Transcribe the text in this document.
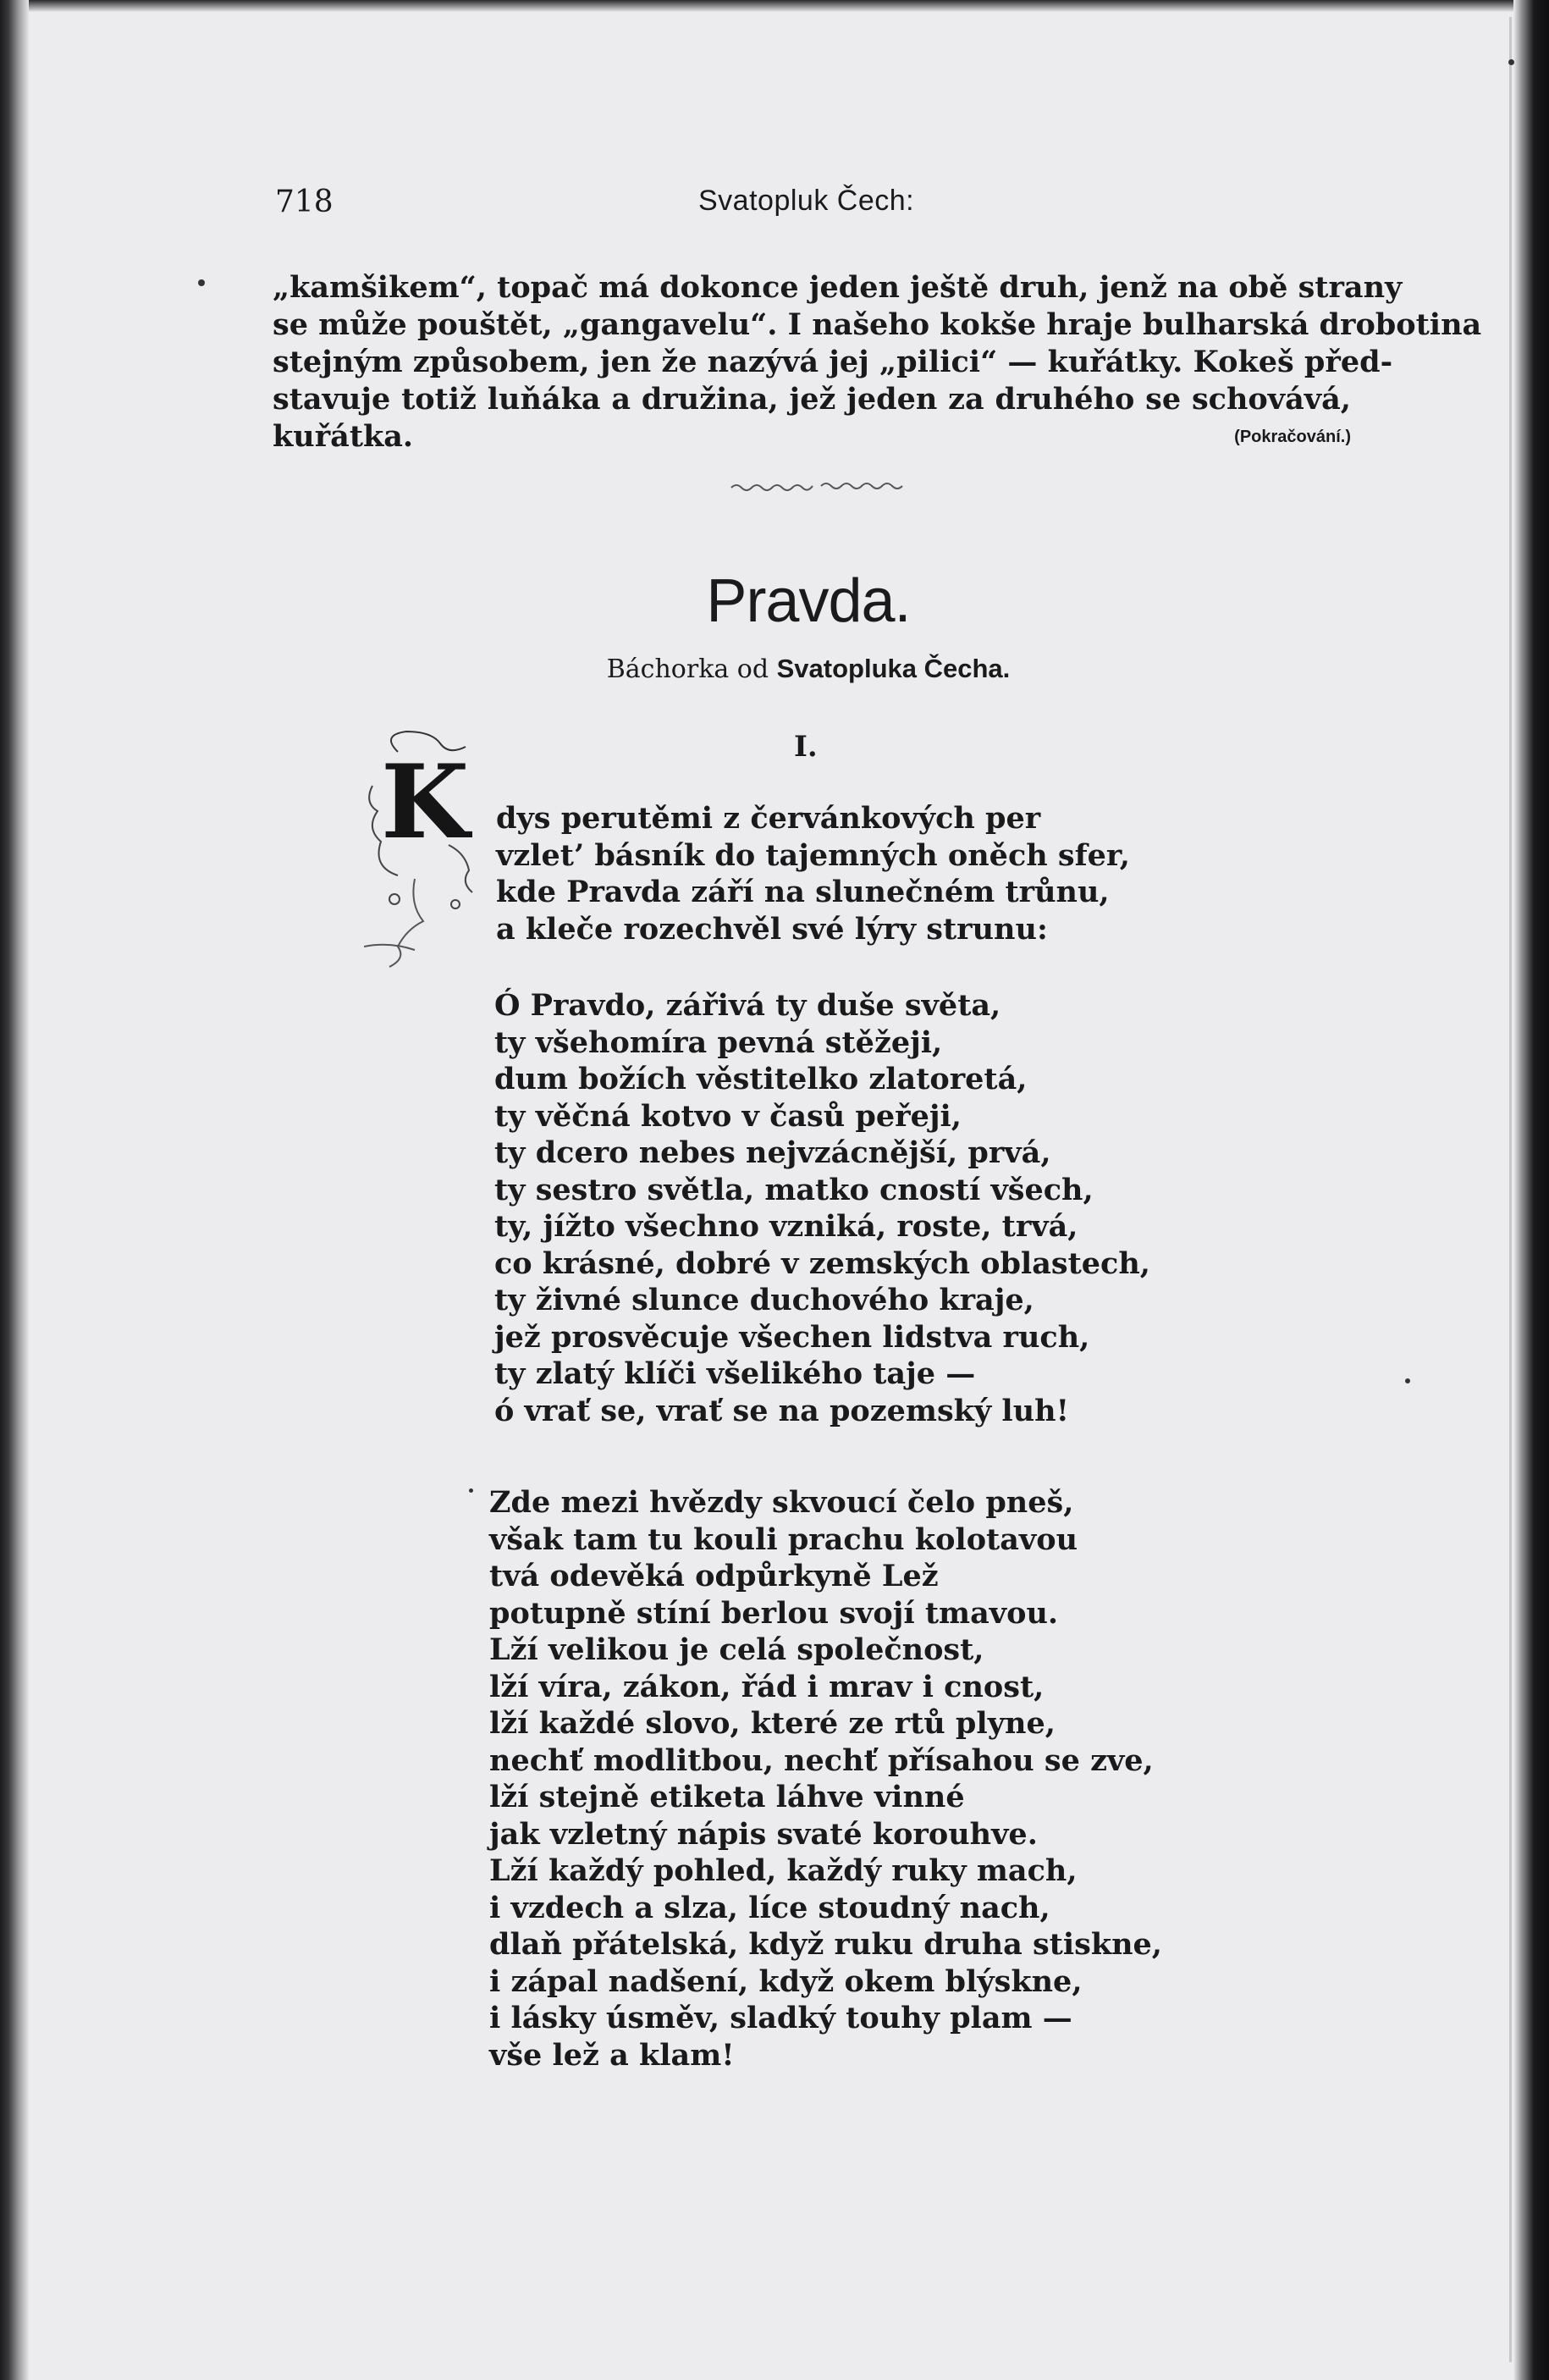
718	Svatopluk Čech:
„kamšikem“, topač má dokonce jeden ještě druh, jenž na obě strany
se může pouštět, „gangavelu“. I našeho kokše hraje bulharská drobotina
stejným způsobem, jen že nazývá jej „pilici“ — kuřátky. Kokeš před-
stavuje totiž luňáka a družina, jež jeden za druhého se schovává,
kuřátka.	(Pokračování.)
Pravda.
Báchorka od Svatopluka Čecha.
I.
K dys perutěmi z červánkových per
vzlet’ básník do tajemných oněch sfer,
kde Pravda září na slunečném trůnu,
a kleče rozechvěl své lýry strunu:
Ó Pravdo, zářivá ty duše světa,
ty všehomíra pevná stěžeji,
dum božích věstitelko zlatoretá,
ty věčná kotvo v časů peřeji,
ty dcero nebes nejvzácnější, prvá,
ty sestro světla, matko cností všech,
ty, jížto všechno vzniká, roste, trvá,
co krásné, dobré v zemských oblastech,
ty živné slunce duchového kraje,
jež prosvěcuje všechen lidstva ruch,
ty zlatý klíči všelikého taje —
ó vrať se, vrať se na pozemský luh!
Zde mezi hvězdy skvoucí čelo pneš,
však tam tu kouli prachu kolotavou
tvá odevěká odpůrkyně Lež
potupně stíní berlou svojí tmavou.
Lží velikou je celá společnost,
lží víra, zákon, řád i mrav i cnost,
lží každé slovo, které ze rtů plyne,
nechť modlitbou, nechť přísahou se zve,
lží stejně etiketa láhve vinné
jak vzletný nápis svaté korouhve.
Lží každý pohled, každý ruky mach,
i vzdech a slza, líce stoudný nach,
dlaň přátelská, když ruku druha stiskne,
i zápal nadšení, když okem blýskne,
i lásky úsměv, sladký touhy plam —
vše lež a klam!
